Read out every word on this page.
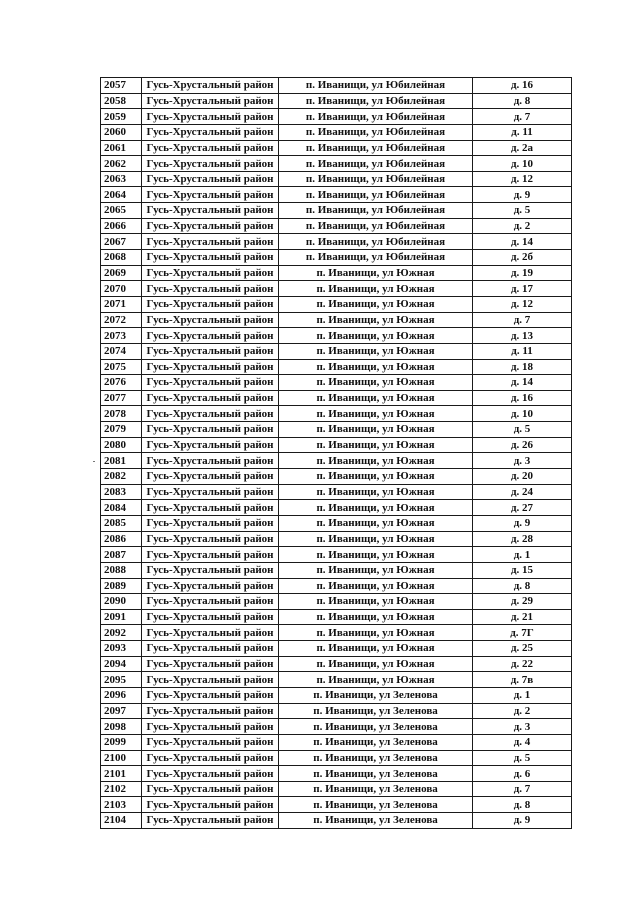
2057	Гусь-Хрустальный район	п. Иванищи, ул Юбилейная	д. 16
2058	Гусь-Хрустальный район	п. Иванищи, ул Юбилейная	д. 8
2059	Гусь-Хрустальный район	п. Иванищи, ул Юбилейная	д. 7
2060	Гусь-Хрустальный район	п. Иванищи, ул Юбилейная	д. 11
2061	Гусь-Хрустальный район	п. Иванищи, ул Юбилейная	д. 2а
2062	Гусь-Хрустальный район	п. Иванищи, ул Юбилейная	д. 10
2063	Гусь-Хрустальный район	п. Иванищи, ул Юбилейная	д. 12
2064	Гусь-Хрустальный район	п. Иванищи, ул Юбилейная	д. 9
2065	Гусь-Хрустальный район	п. Иванищи, ул Юбилейная	д. 5
2066	Гусь-Хрустальный район	п. Иванищи, ул Юбилейная	д. 2
2067	Гусь-Хрустальный район	п. Иванищи, ул Юбилейная	д. 14
2068	Гусь-Хрустальный район	п. Иванищи, ул Юбилейная	д. 2б
2069	Гусь-Хрустальный район	п. Иванищи, ул Южная	д. 19
2070	Гусь-Хрустальный район	п. Иванищи, ул Южная	д. 17
2071	Гусь-Хрустальный район	п. Иванищи, ул Южная	д. 12
2072	Гусь-Хрустальный район	п. Иванищи, ул Южная	д. 7
2073	Гусь-Хрустальный район	п. Иванищи, ул Южная	д. 13
2074	Гусь-Хрустальный район	п. Иванищи, ул Южная	д. 11
2075	Гусь-Хрустальный район	п. Иванищи, ул Южная	д. 18
2076	Гусь-Хрустальный район	п. Иванищи, ул Южная	д. 14
2077	Гусь-Хрустальный район	п. Иванищи, ул Южная	д. 16
2078	Гусь-Хрустальный район	п. Иванищи, ул Южная	д. 10
2079	Гусь-Хрустальный район	п. Иванищи, ул Южная	д. 5
2080	Гусь-Хрустальный район	п. Иванищи, ул Южная	д. 26
2081	Гусь-Хрустальный район	п. Иванищи, ул Южная	д. 3
2082	Гусь-Хрустальный район	п. Иванищи, ул Южная	д. 20
2083	Гусь-Хрустальный район	п. Иванищи, ул Южная	д. 24
2084	Гусь-Хрустальный район	п. Иванищи, ул Южная	д. 27
2085	Гусь-Хрустальный район	п. Иванищи, ул Южная	д. 9
2086	Гусь-Хрустальный район	п. Иванищи, ул Южная	д. 28
2087	Гусь-Хрустальный район	п. Иванищи, ул Южная	д. 1
2088	Гусь-Хрустальный район	п. Иванищи, ул Южная	д. 15
2089	Гусь-Хрустальный район	п. Иванищи, ул Южная	д. 8
2090	Гусь-Хрустальный район	п. Иванищи, ул Южная	д. 29
2091	Гусь-Хрустальный район	п. Иванищи, ул Южная	д. 21
2092	Гусь-Хрустальный район	п. Иванищи, ул Южная	д. 7Г
2093	Гусь-Хрустальный район	п. Иванищи, ул Южная	д. 25
2094	Гусь-Хрустальный район	п. Иванищи, ул Южная	д. 22
2095	Гусь-Хрустальный район	п. Иванищи, ул Южная	д. 7в
2096	Гусь-Хрустальный район	п. Иванищи, ул Зеленова	д. 1
2097	Гусь-Хрустальный район	п. Иванищи, ул Зеленова	д. 2
2098	Гусь-Хрустальный район	п. Иванищи, ул Зеленова	д. 3
2099	Гусь-Хрустальный район	п. Иванищи, ул Зеленова	д. 4
2100	Гусь-Хрустальный район	п. Иванищи, ул Зеленова	д. 5
2101	Гусь-Хрустальный район	п. Иванищи, ул Зеленова	д. 6
2102	Гусь-Хрустальный район	п. Иванищи, ул Зеленова	д. 7
2103	Гусь-Хрустальный район	п. Иванищи, ул Зеленова	д. 8
2104	Гусь-Хрустальный район	п. Иванищи, ул Зеленова	д. 9
